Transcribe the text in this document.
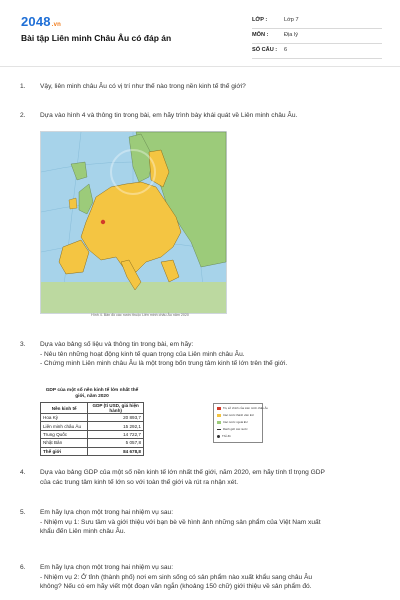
2048.vn
Bài tập Liên minh Châu Âu có đáp án
LỚP :	Lớp 7
MÔN :	Địa lý
SỐ CÂU : 6
1. Vậy, liên minh châu Âu có vị trí như thế nào trong nền kinh tế thế giới?
2. Dựa vào hình 4 và thông tin trong bài, em hãy trình bày khái quát về Liên minh châu Âu.
Trụ sở chính của Liên minh châu Âu
Các nước thành viên EU
Các nước ngoài EU
Ranh giới các nước
Thủ đô
Hình 4. Bản đồ các nước thuộc Liên minh châu Âu năm 2020
3. Dựa vào bảng số liệu và thông tin trong bài, em hãy:
- Nêu tên những hoạt động kinh tế quan trọng của Liên minh châu Âu.
- Chứng minh Liên minh châu Âu là một trong bốn trung tâm kinh tế lớn trên thế giới.
GDP của một số nền kinh tế lớn nhất thế giới, năm 2020
Nền kinh tế	GDP (tỉ USD, giá hiện hành)
Hoa Kỳ	20 893,7
Liên minh châu Âu	15 292,1
Trung Quốc	14 722,7
Nhật Bản	5 057,8
Thế giới	84 678,8
4. Dựa vào bảng GDP của một số nền kinh tế lớn nhất thế giới, năm 2020, em hãy tính tỉ trọng GDP
của các trung tâm kinh tế lớn so với toàn thế giới và rút ra nhận xét.
5. Em hãy lựa chọn một trong hai nhiệm vụ sau:
- Nhiệm vụ 1: Sưu tầm và giới thiệu với bạn bè về hình ảnh những sản phẩm của Việt Nam xuất
khẩu đến Liên minh châu Âu.
6. Em hãy lựa chọn một trong hai nhiệm vụ sau:
- Nhiệm vụ 2: Ở tỉnh (thành phố) nơi em sinh sống có sản phẩm nào xuất khẩu sang châu Âu
không? Nếu có em hãy viết một đoạn văn ngắn (khoảng 150 chữ) giới thiệu về sản phẩm đó.
